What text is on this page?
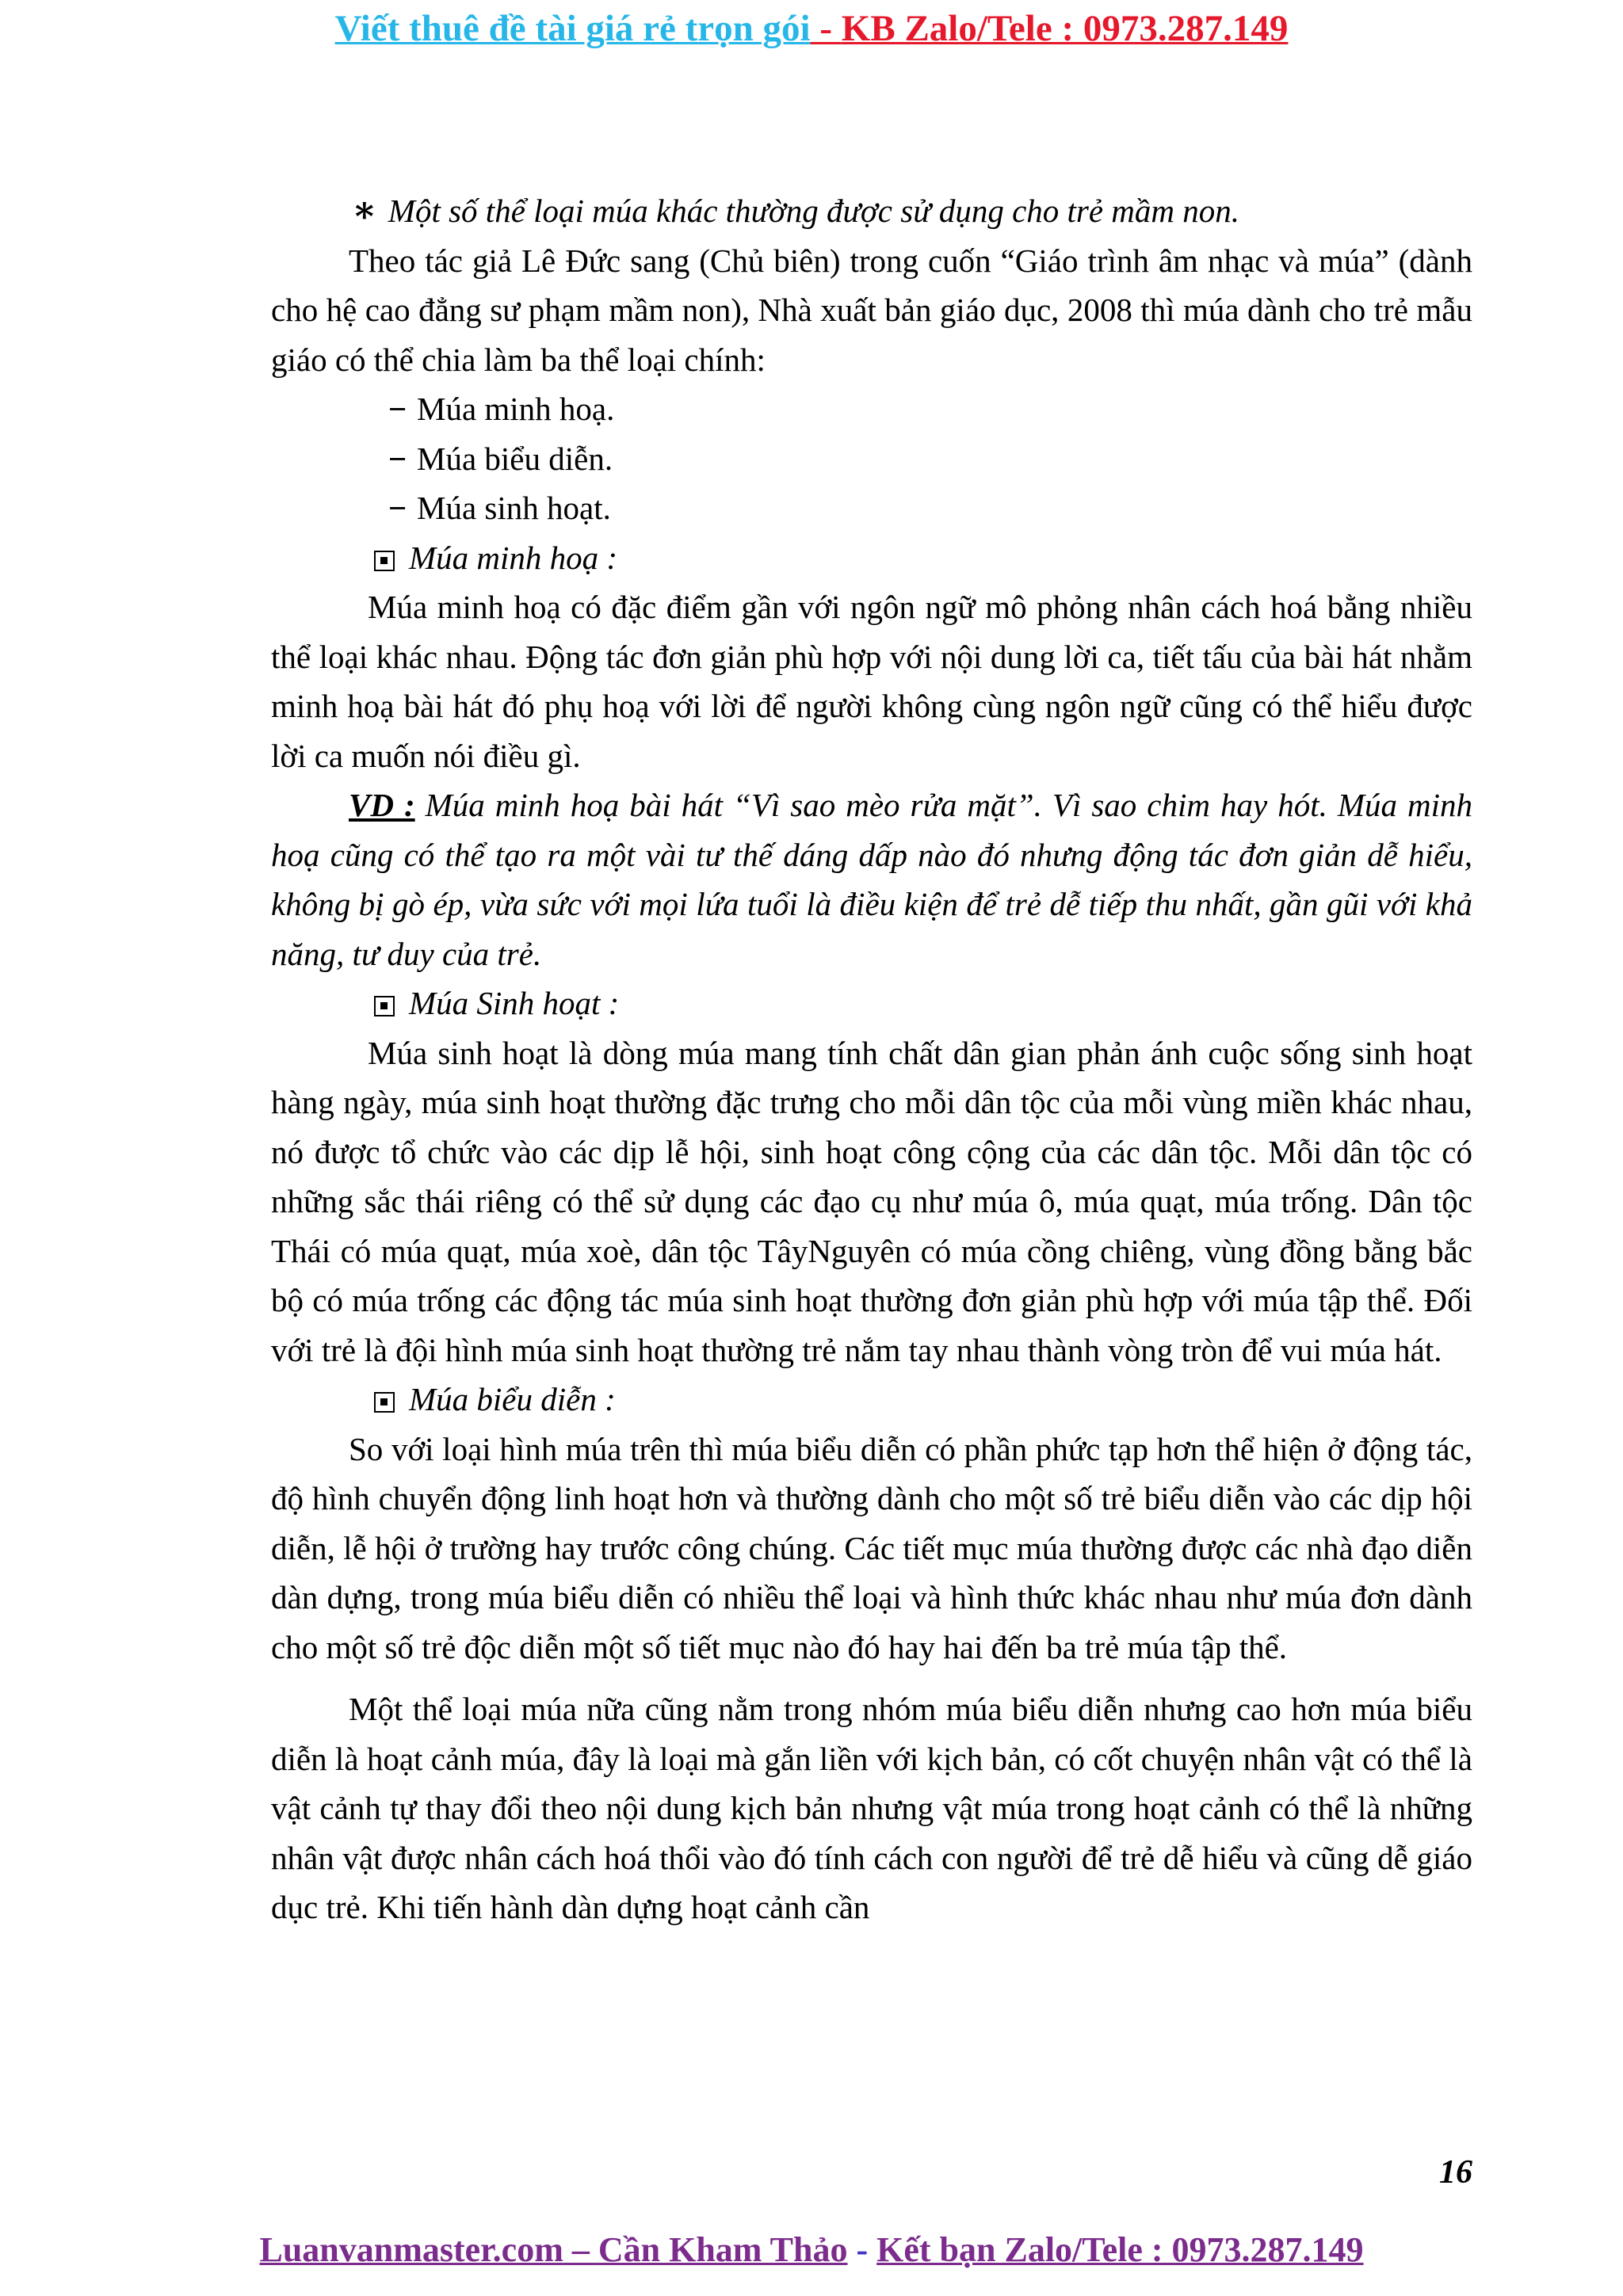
Viết thuê đề tài giá rẻ trọn gói - KB Zalo/Tele : 0973.287.149

∗ Một số thể loại múa khác thường được sử dụng cho trẻ mầm non.

Theo tác giả Lê Đức sang (Chủ biên) trong cuốn “Giáo trình âm nhạc và múa” (dành cho hệ cao đẳng sư phạm mầm non), Nhà xuất bản giáo dục, 2008 thì múa dành cho trẻ mẫu giáo có thể chia làm ba thể loại chính:

− Múa minh hoạ.

− Múa biểu diễn.

− Múa sinh hoạt.

Múa minh hoạ :

Múa minh hoạ có đặc điểm gần với ngôn ngữ mô phỏng nhân cách hoá bằng nhiều thể loại khác nhau. Động tác đơn giản phù hợp với nội dung lời ca, tiết tấu của bài hát nhằm minh hoạ bài hát đó phụ hoạ với lời để người không cùng ngôn ngữ cũng có thể hiểu được lời ca muốn nói điều gì.

VD : Múa minh hoạ bài hát “Vì sao mèo rửa mặt”. Vì sao chim hay hót. Múa minh hoạ cũng có thể tạo ra một vài tư thế dáng dấp nào đó nhưng động tác đơn giản dễ hiểu, không bị gò ép, vừa sức với mọi lứa tuổi là điều kiện để trẻ dễ tiếp thu nhất, gần gũi với khả năng, tư duy của trẻ.

Múa Sinh hoạt :

Múa sinh hoạt là dòng múa mang tính chất dân gian phản ánh cuộc sống sinh hoạt hàng ngày, múa sinh hoạt thường đặc trưng cho mỗi dân tộc của mỗi vùng miền khác nhau, nó được tổ chức vào các dịp lễ hội, sinh hoạt công cộng của các dân tộc. Mỗi dân tộc có những sắc thái riêng có thể sử dụng các đạo cụ như múa ô, múa quạt, múa trống. Dân tộc Thái có múa quạt, múa xoè, dân tộc TâyNguyên có múa cồng chiêng, vùng đồng bằng bắc bộ có múa trống các động tác múa sinh hoạt thường đơn giản phù hợp với múa tập thể. Đối với trẻ là đội hình múa sinh hoạt thường trẻ nắm tay nhau thành vòng tròn để vui múa hát.

Múa biểu diễn :

So với loại hình múa trên thì múa biểu diễn có phần phức tạp hơn thể hiện ở động tác, độ hình chuyển động linh hoạt hơn và thường dành cho một số trẻ biểu diễn vào các dịp hội diễn, lễ hội ở trường hay trước công chúng. Các tiết mục múa thường được các nhà đạo diễn dàn dựng, trong múa biểu diễn có nhiều thể loại và hình thức khác nhau như múa đơn dành cho một số trẻ độc diễn một số tiết mục nào đó hay hai đến ba trẻ múa tập thể.

Một thể loại múa nữa cũng nằm trong nhóm múa biểu diễn nhưng cao hơn múa biểu diễn là hoạt cảnh múa, đây là loại mà gắn liền với kịch bản, có cốt chuyện nhân vật có thể là vật cảnh tự thay đổi theo nội dung kịch bản nhưng vật múa trong hoạt cảnh có thể là những nhân vật được nhân cách hoá thổi vào đó tính cách con người để trẻ dễ hiểu và cũng dễ giáo dục trẻ. Khi tiến hành dàn dựng hoạt cảnh cần

16
Luanvanmaster.com – Cần Kham Thảo - Kết bạn Zalo/Tele : 0973.287.149
